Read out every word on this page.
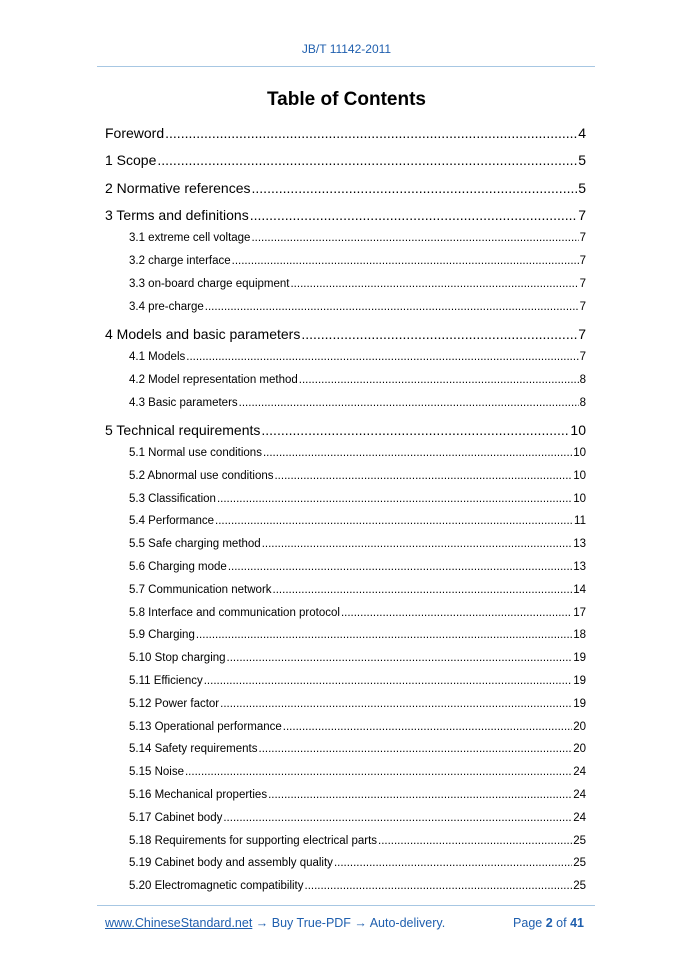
JB/T 11142-2011
Table of Contents
Foreword .....	4
1 Scope .....	5
2 Normative references .....	5
3 Terms and definitions .....	7
3.1 extreme cell voltage .....	7
3.2 charge interface .....	7
3.3 on-board charge equipment .....	7
3.4 pre-charge .....	7
4 Models and basic parameters .....	7
4.1 Models .....	7
4.2 Model representation method .....	8
4.3 Basic parameters .....	8
5 Technical requirements .....	10
5.1 Normal use conditions .....	10
5.2 Abnormal use conditions .....	10
5.3 Classification .....	10
5.4 Performance .....	11
5.5 Safe charging method .....	13
5.6 Charging mode .....	13
5.7 Communication network .....	14
5.8 Interface and communication protocol .....	17
5.9 Charging .....	18
5.10 Stop charging .....	19
5.11 Efficiency .....	19
5.12 Power factor .....	19
5.13 Operational performance .....	20
5.14 Safety requirements .....	20
5.15 Noise .....	24
5.16 Mechanical properties .....	24
5.17 Cabinet body .....	24
5.18 Requirements for supporting electrical parts .....	25
5.19 Cabinet body and assembly quality .....	25
5.20 Electromagnetic compatibility .....	25
www.ChineseStandard.net → Buy True-PDF → Auto-delivery.	Page 2 of 41
